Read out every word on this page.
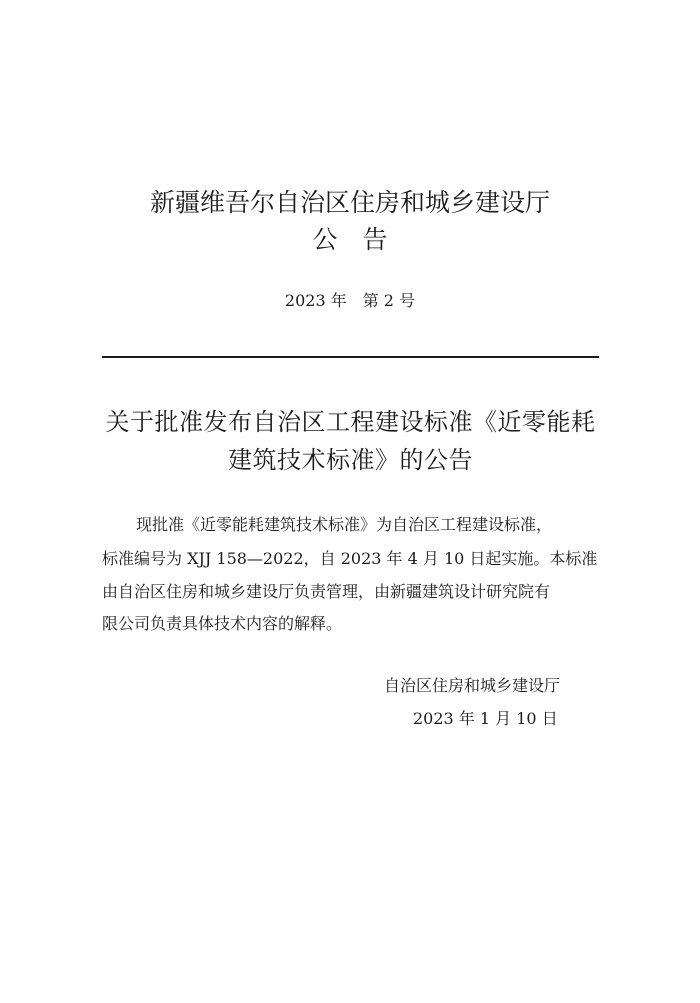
新疆维吾尔自治区住房和城乡建设厅
公　告
2023 年　第 2 号
关于批准发布自治区工程建设标准《近零能耗
建筑技术标准》的公告
现批准《近零能耗建筑技术标准》为自治区工程建设标准，
标准编号为 XJJ 158—2022，自 2023 年 4 月 10 日起实施。本标准
由自治区住房和城乡建设厅负责管理，由新疆建筑设计研究院有
限公司负责具体技术内容的解释。
自治区住房和城乡建设厅
2023 年 1 月 10 日
